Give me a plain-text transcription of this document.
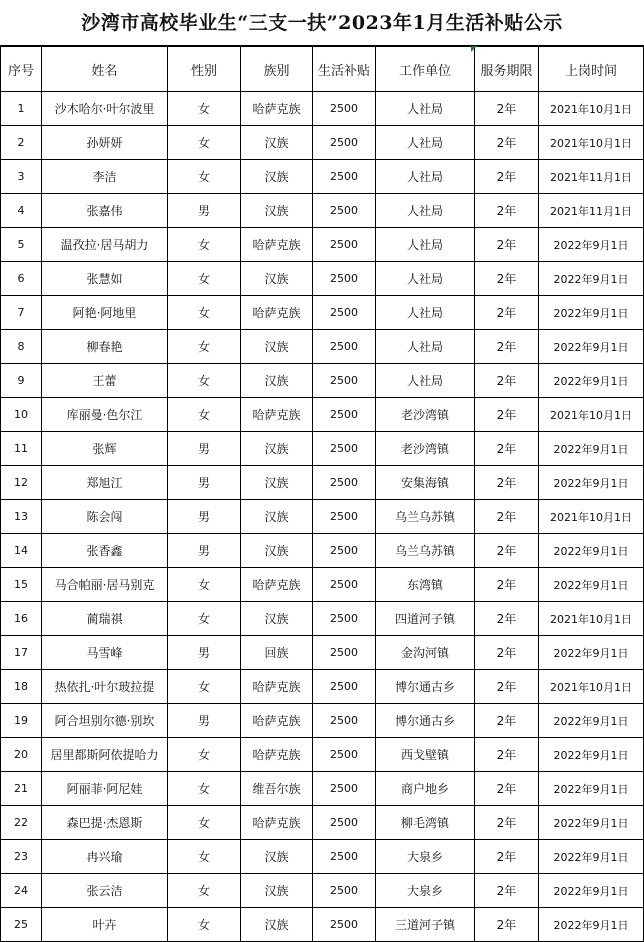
沙湾市高校毕业生“三支一扶”2023年1月生活补贴公示
序号	姓名	性别	族别	生活补贴	工作单位	服务期限	上岗时间
1	沙木哈尔·叶尔波里	女	哈萨克族	2500	人社局	2年	2021年10月1日
2	孙妍妍	女	汉族	2500	人社局	2年	2021年10月1日
3	李洁	女	汉族	2500	人社局	2年	2021年11月1日
4	张嘉伟	男	汉族	2500	人社局	2年	2021年11月1日
5	温孜拉·居马胡力	女	哈萨克族	2500	人社局	2年	2022年9月1日
6	张慧如	女	汉族	2500	人社局	2年	2022年9月1日
7	阿艳·阿地里	女	哈萨克族	2500	人社局	2年	2022年9月1日
8	柳春艳	女	汉族	2500	人社局	2年	2022年9月1日
9	王蕾	女	汉族	2500	人社局	2年	2022年9月1日
10	库丽曼·色尔江	女	哈萨克族	2500	老沙湾镇	2年	2021年10月1日
11	张辉	男	汉族	2500	老沙湾镇	2年	2022年9月1日
12	郑旭江	男	汉族	2500	安集海镇	2年	2022年9月1日
13	陈会闯	男	汉族	2500	乌兰乌苏镇	2年	2021年10月1日
14	张香鑫	男	汉族	2500	乌兰乌苏镇	2年	2022年9月1日
15	马合帕丽·居马别克	女	哈萨克族	2500	东湾镇	2年	2022年9月1日
16	蔺瑞祺	女	汉族	2500	四道河子镇	2年	2021年10月1日
17	马雪峰	男	回族	2500	金沟河镇	2年	2022年9月1日
18	热依扎·叶尔玻拉提	女	哈萨克族	2500	博尔通古乡	2年	2021年10月1日
19	阿合坦别尔德·别坎	男	哈萨克族	2500	博尔通古乡	2年	2022年9月1日
20	居里都斯阿依提哈力	女	哈萨克族	2500	西戈壁镇	2年	2022年9月1日
21	阿丽菲·阿尼娃	女	维吾尔族	2500	商户地乡	2年	2022年9月1日
22	森巴提·杰恩斯	女	哈萨克族	2500	柳毛湾镇	2年	2022年9月1日
23	冉兴瑜	女	汉族	2500	大泉乡	2年	2022年9月1日
24	张云洁	女	汉族	2500	大泉乡	2年	2022年9月1日
25	叶卉	女	汉族	2500	三道河子镇	2年	2022年9月1日
